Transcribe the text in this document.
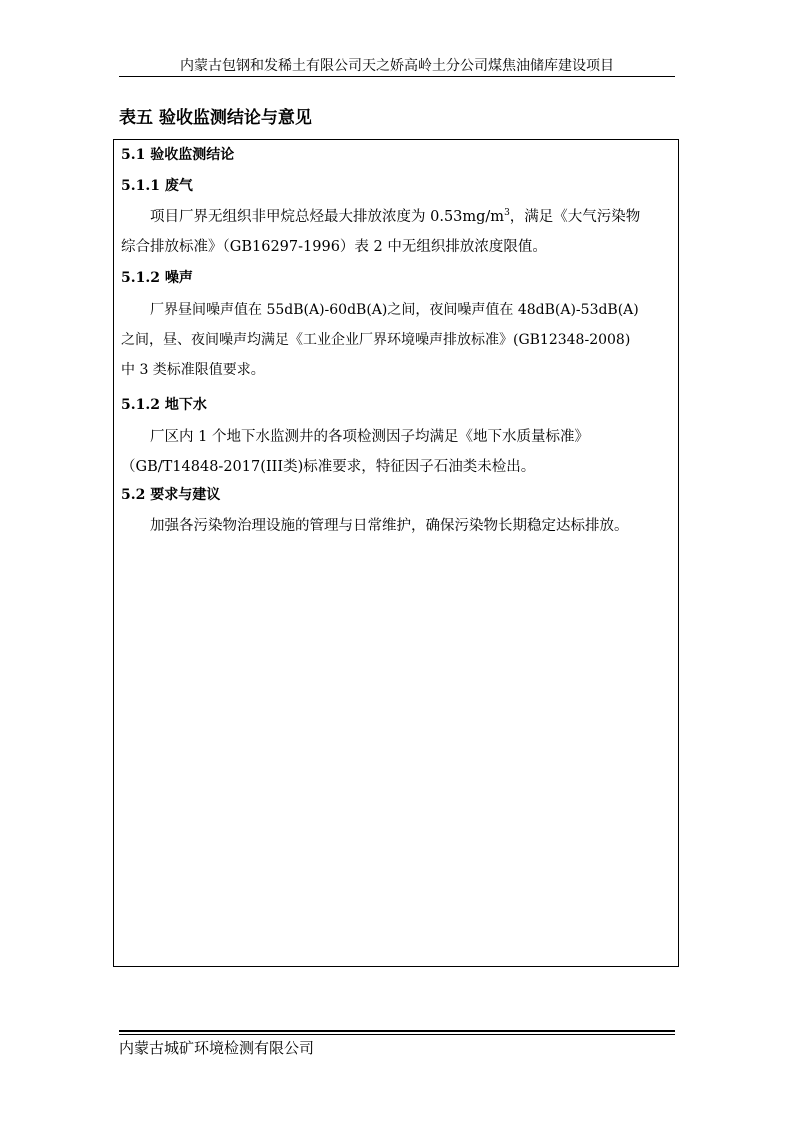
内蒙古包钢和发稀土有限公司天之娇高岭土分公司煤焦油储库建设项目
表五 验收监测结论与意见
5.1 验收监测结论
5.1.1 废气
项目厂界无组织非甲烷总烃最大排放浓度为 $0.53mg/m^3$，满足《大气污染物
综合排放标准》（GB16297-1996）表 2 中无组织排放浓度限值。
5.1.2 噪声
厂界昼间噪声值在 55dB(A)-60dB(A)之间，夜间噪声值在 48dB(A)-53dB(A)
之间，昼、夜间噪声均满足《工业企业厂界环境噪声排放标准》(GB12348-2008)
中 3 类标准限值要求。
5.1.2 地下水
厂区内 1 个地下水监测井的各项检测因子均满足《地下水质量标准》
（GB/T14848-2017(III类)标准要求，特征因子石油类未检出。
5.2 要求与建议
加强各污染物治理设施的管理与日常维护，确保污染物长期稳定达标排放。
内蒙古城矿环境检测有限公司
